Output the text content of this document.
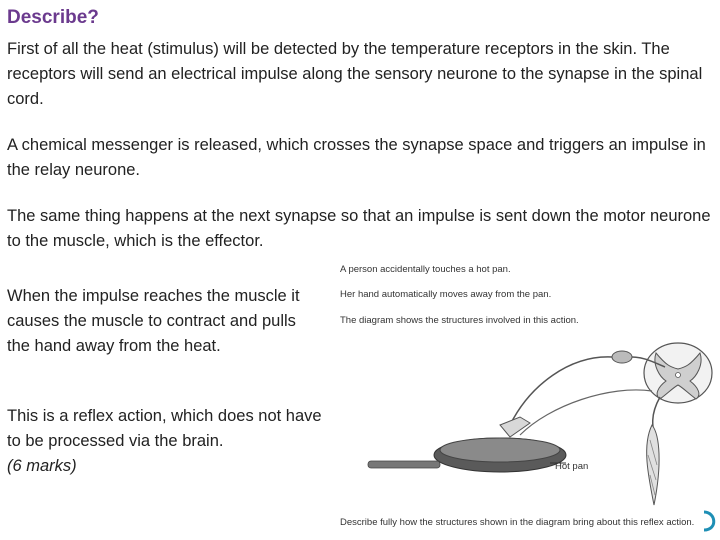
Describe?

First of all the heat (stimulus) will be detected by the temperature receptors in the skin. The receptors will send an electrical impulse along the sensory neurone to the synapse in the spinal cord.

A chemical messenger is released, which crosses the synapse space and triggers an impulse in the relay neurone.

The same thing happens at the next synapse so that an impulse is sent down the motor neurone to the muscle, which is the effector.

When the impulse reaches the muscle it causes the muscle to contract and pulls the hand away from the heat.

This is a reflex action, which does not have to be processed via the brain.
(6 marks)

A person accidentally touches a hot pan.
Her hand automatically moves away from the pan.
The diagram shows the structures involved in this action.
Hot pan
Describe fully how the structures shown in the diagram bring about this reflex action.
